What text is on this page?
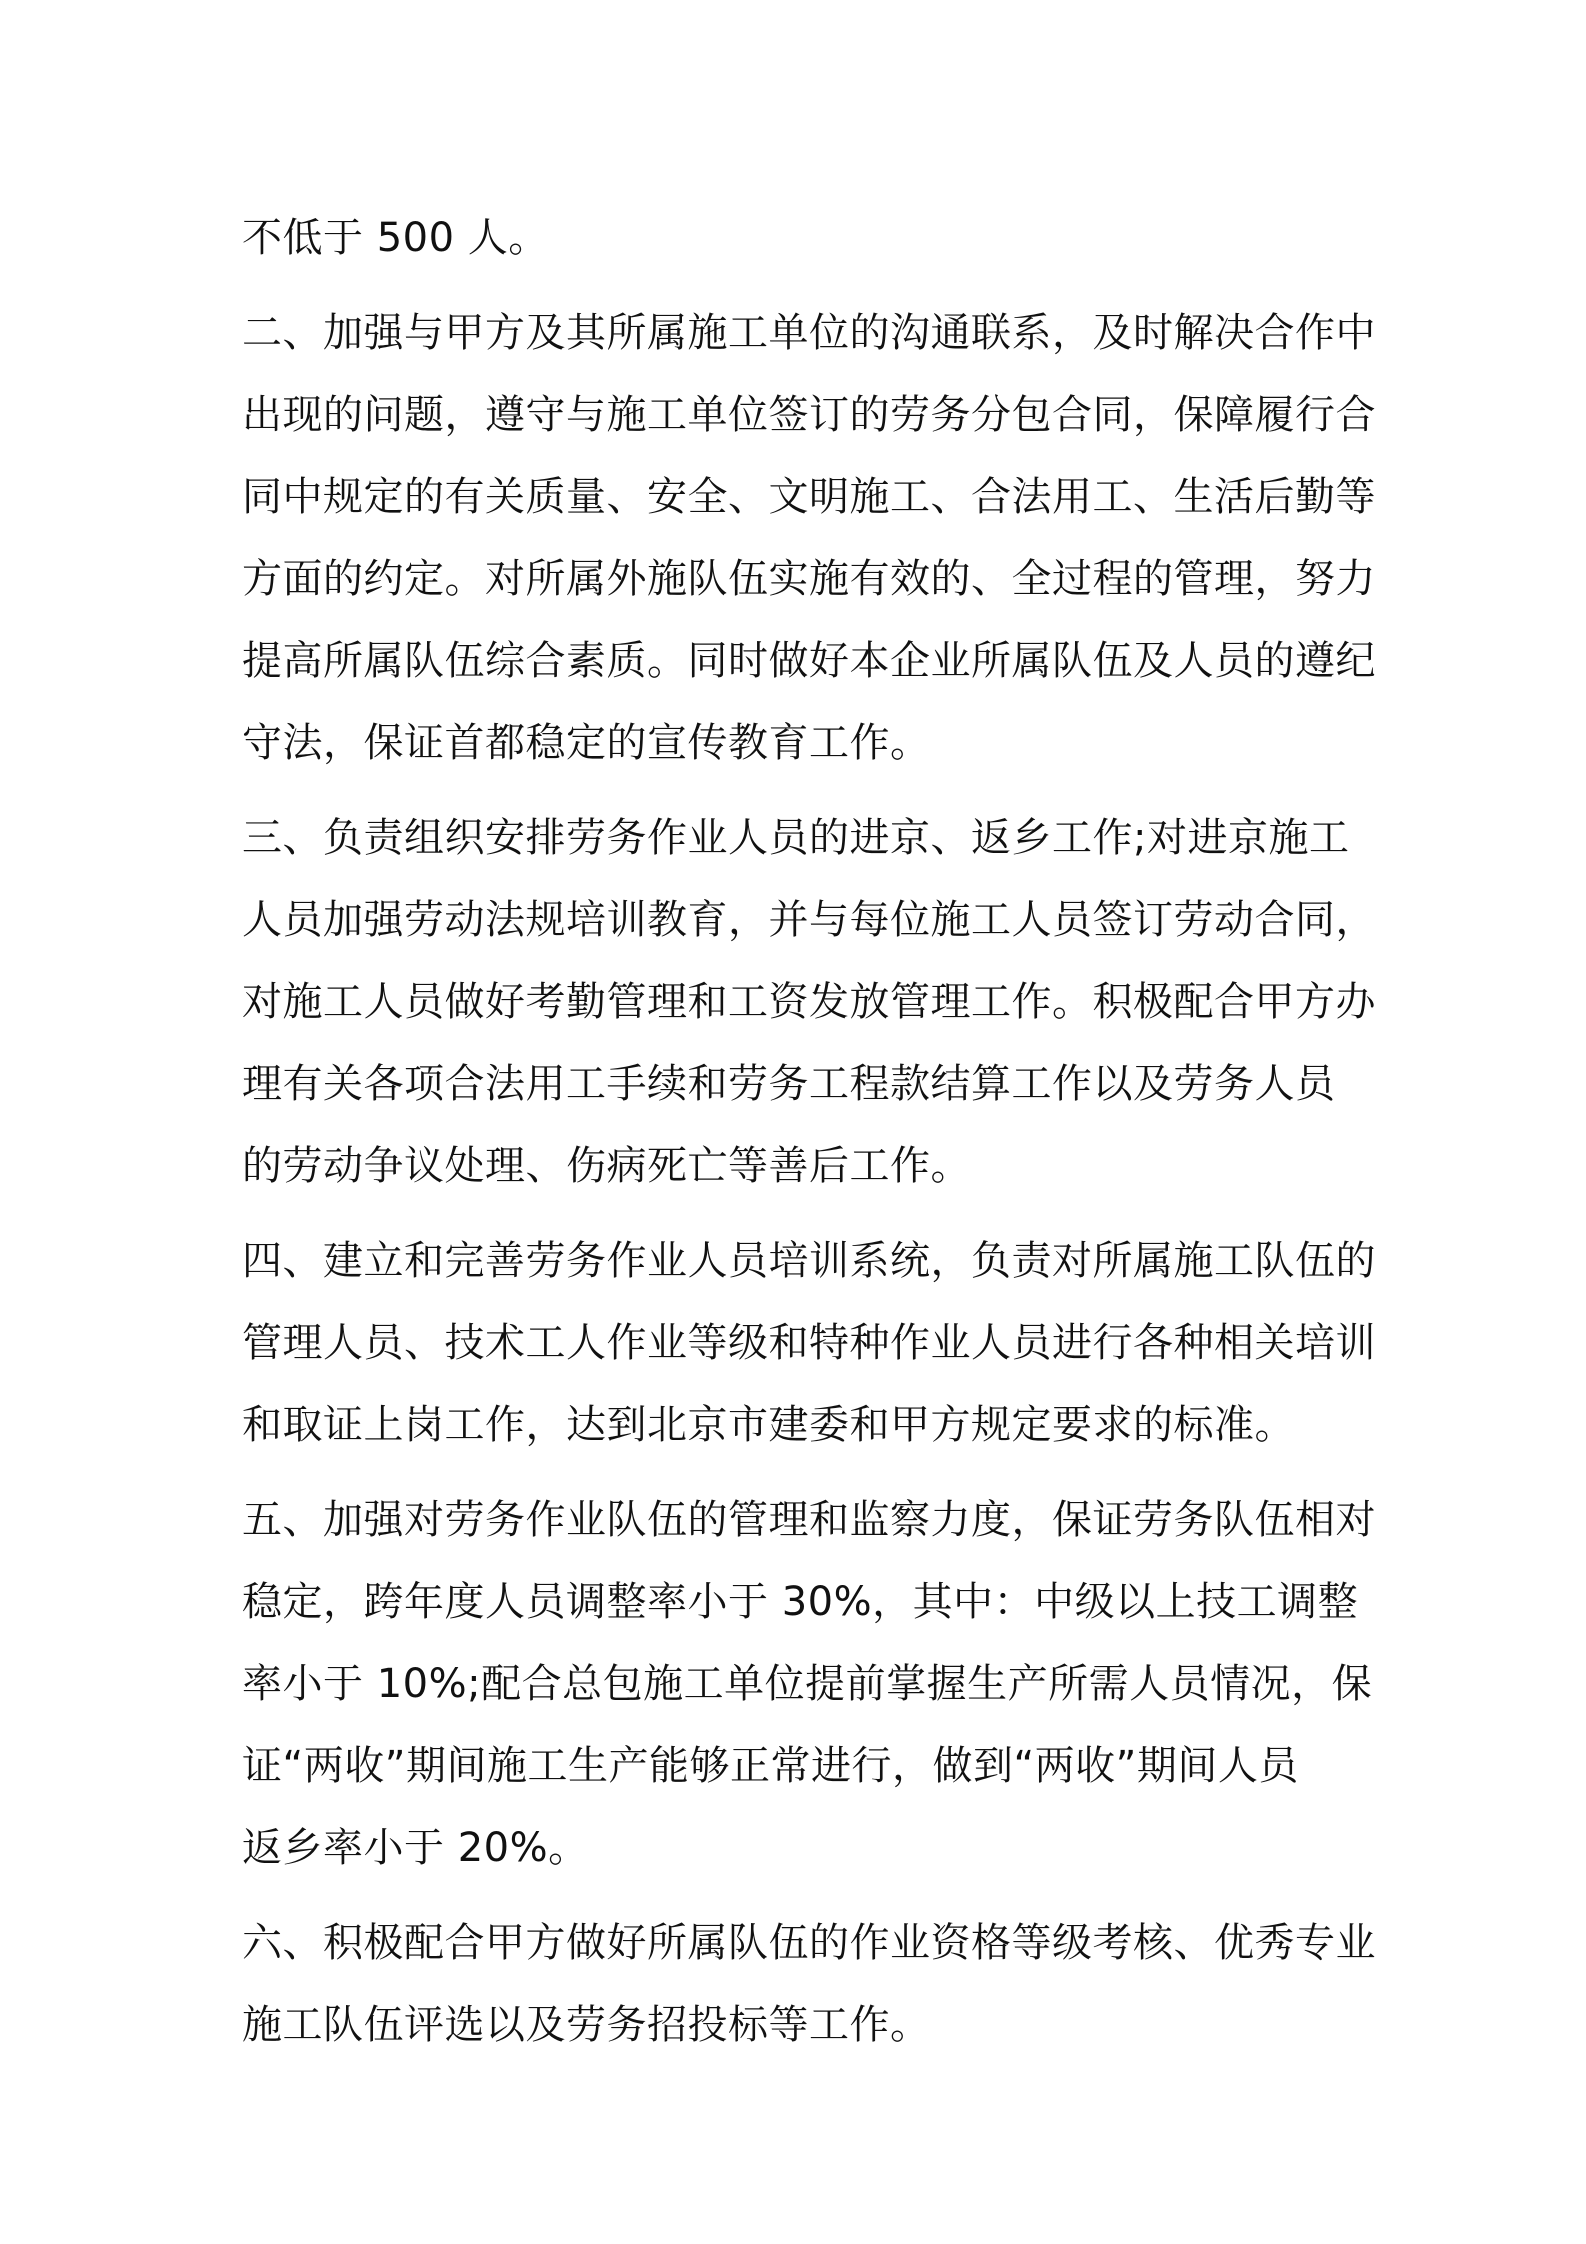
不低于 500 人。
二、加强与甲方及其所属施工单位的沟通联系，及时解决合作中
出现的问题，遵守与施工单位签订的劳务分包合同，保障履行合
同中规定的有关质量、安全、文明施工、合法用工、生活后勤等
方面的约定。对所属外施队伍实施有效的、全过程的管理，努力
提高所属队伍综合素质。同时做好本企业所属队伍及人员的遵纪
守法，保证首都稳定的宣传教育工作。
三、负责组织安排劳务作业人员的进京、返乡工作;对进京施工
人员加强劳动法规培训教育，并与每位施工人员签订劳动合同，
对施工人员做好考勤管理和工资发放管理工作。积极配合甲方办
理有关各项合法用工手续和劳务工程款结算工作以及劳务人员
的劳动争议处理、伤病死亡等善后工作。
四、建立和完善劳务作业人员培训系统，负责对所属施工队伍的
管理人员、技术工人作业等级和特种作业人员进行各种相关培训
和取证上岗工作，达到北京市建委和甲方规定要求的标准。
五、加强对劳务作业队伍的管理和监察力度，保证劳务队伍相对
稳定，跨年度人员调整率小于 30%，其中：中级以上技工调整
率小于 10%;配合总包施工单位提前掌握生产所需人员情况，保
证“两收”期间施工生产能够正常进行，做到“两收”期间人员
返乡率小于 20%。
六、积极配合甲方做好所属队伍的作业资格等级考核、优秀专业
施工队伍评选以及劳务招投标等工作。
